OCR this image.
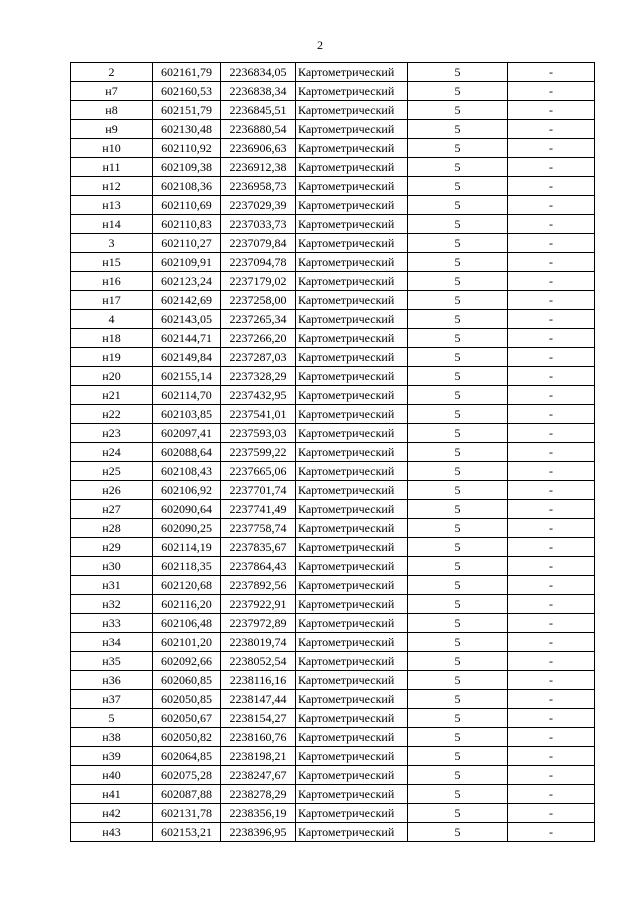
2
2	602161,79	2236834,05	Картометрический	5	-
н7	602160,53	2236838,34	Картометрический	5	-
н8	602151,79	2236845,51	Картометрический	5	-
н9	602130,48	2236880,54	Картометрический	5	-
н10	602110,92	2236906,63	Картометрический	5	-
н11	602109,38	2236912,38	Картометрический	5	-
н12	602108,36	2236958,73	Картометрический	5	-
н13	602110,69	2237029,39	Картометрический	5	-
н14	602110,83	2237033,73	Картометрический	5	-
3	602110,27	2237079,84	Картометрический	5	-
н15	602109,91	2237094,78	Картометрический	5	-
н16	602123,24	2237179,02	Картометрический	5	-
н17	602142,69	2237258,00	Картометрический	5	-
4	602143,05	2237265,34	Картометрический	5	-
н18	602144,71	2237266,20	Картометрический	5	-
н19	602149,84	2237287,03	Картометрический	5	-
н20	602155,14	2237328,29	Картометрический	5	-
н21	602114,70	2237432,95	Картометрический	5	-
н22	602103,85	2237541,01	Картометрический	5	-
н23	602097,41	2237593,03	Картометрический	5	-
н24	602088,64	2237599,22	Картометрический	5	-
н25	602108,43	2237665,06	Картометрический	5	-
н26	602106,92	2237701,74	Картометрический	5	-
н27	602090,64	2237741,49	Картометрический	5	-
н28	602090,25	2237758,74	Картометрический	5	-
н29	602114,19	2237835,67	Картометрический	5	-
н30	602118,35	2237864,43	Картометрический	5	-
н31	602120,68	2237892,56	Картометрический	5	-
н32	602116,20	2237922,91	Картометрический	5	-
н33	602106,48	2237972,89	Картометрический	5	-
н34	602101,20	2238019,74	Картометрический	5	-
н35	602092,66	2238052,54	Картометрический	5	-
н36	602060,85	2238116,16	Картометрический	5	-
н37	602050,85	2238147,44	Картометрический	5	-
5	602050,67	2238154,27	Картометрический	5	-
н38	602050,82	2238160,76	Картометрический	5	-
н39	602064,85	2238198,21	Картометрический	5	-
н40	602075,28	2238247,67	Картометрический	5	-
н41	602087,88	2238278,29	Картометрический	5	-
н42	602131,78	2238356,19	Картометрический	5	-
н43	602153,21	2238396,95	Картометрический	5	-
